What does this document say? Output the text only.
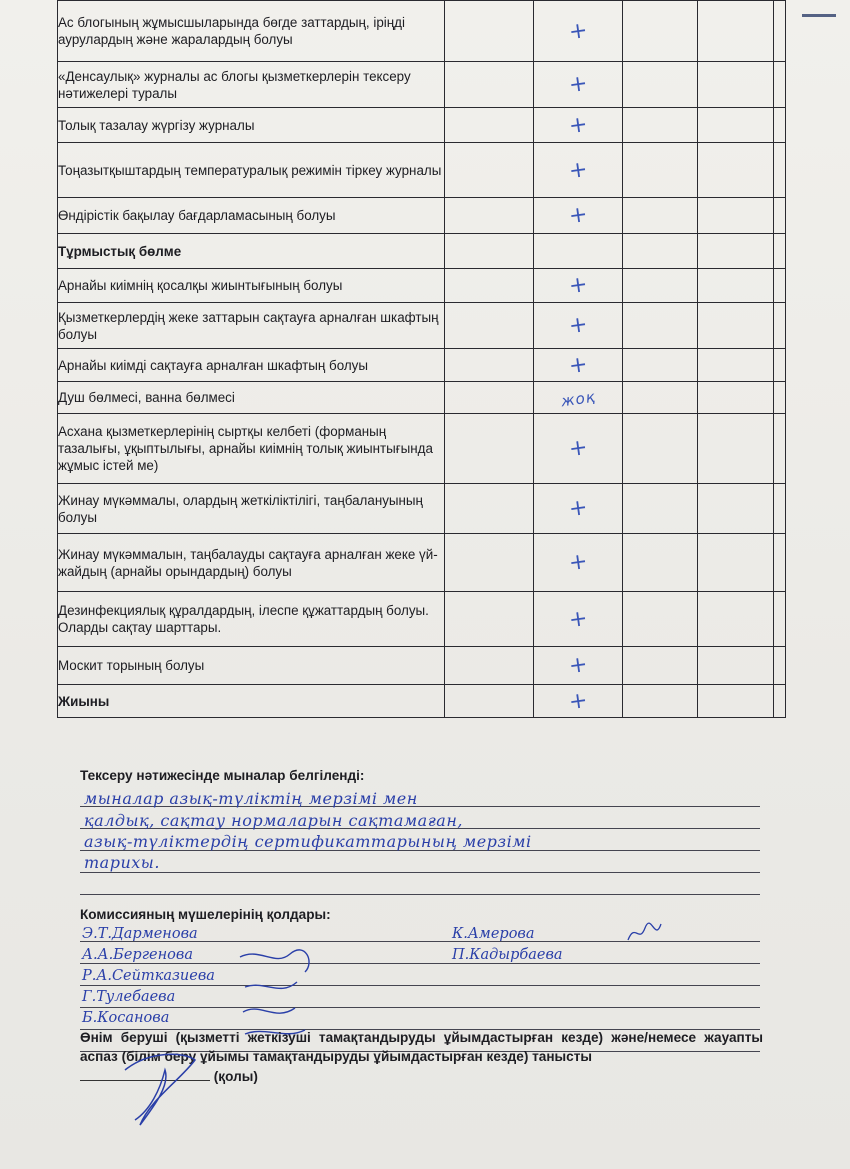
Ас блогының жұмысшыларында бөгде заттардың, іріңді аурулардың және жаралардың болуы		+			
«Денсаулық» журналы ас блогы қызметкерлерін тексеру нәтижелері туралы		+			
Толық тазалау жүргізу журналы		+			
Тоңазытқыштардың температуралық режимін тіркеу журналы		+			
Өндірістік бақылау бағдарламасының болуы		+			
Тұрмыстық бөлме					
Арнайы киімнің қосалқы жиынтығының болуы		+			
Қызметкерлердің жеке заттарын сақтауға арналған шкафтың болуы		+			
Арнайы киімді сақтауға арналған шкафтың болуы		+			
Душ бөлмесі, ванна бөлмесі		жоқ			
Асхана қызметкерлерінің сыртқы келбеті (форманың тазалығы, ұқыптылығы, арнайы киімнің толық жиынтығында жұмыс істей ме)		+			
Жинау мүкәммалы, олардың жеткіліктілігі, таңбалануының болуы		+			
Жинау мүкәммалын, таңбалауды сақтауға арналған жеке үй-жайдың (арнайы орындардың) болуы		+			
Дезинфекциялық құралдардың, ілеспе құжаттардың болуы. Оларды сақтау шарттары.		+			
Москит торының болуы		+			
Жиыны		+			
Тексеру нәтижесінде мыналар белгіленді:
мыналар азық-түліктің мерзімі мен
қалдық, сақтау нормаларын сақтамаған,
азық-түліктердің сертификаттарының мерзімі
тарихы.
Комиссияның мүшелерінің қолдары:
Э.Т.Дарменова
А.А.Бергенова
Р.А.Сейтказиева
Г.Тулебаева
Б.Косанова
К.Амерова
П.Кадырбаева
Өнім беруші (қызметті жеткізуші тамақтандыруды ұйымдастырған кезде) және/немесе жауапты аспаз (білім беру ұйымы тамақтандыруды ұйымдастырған кезде) танысты
(қолы)
